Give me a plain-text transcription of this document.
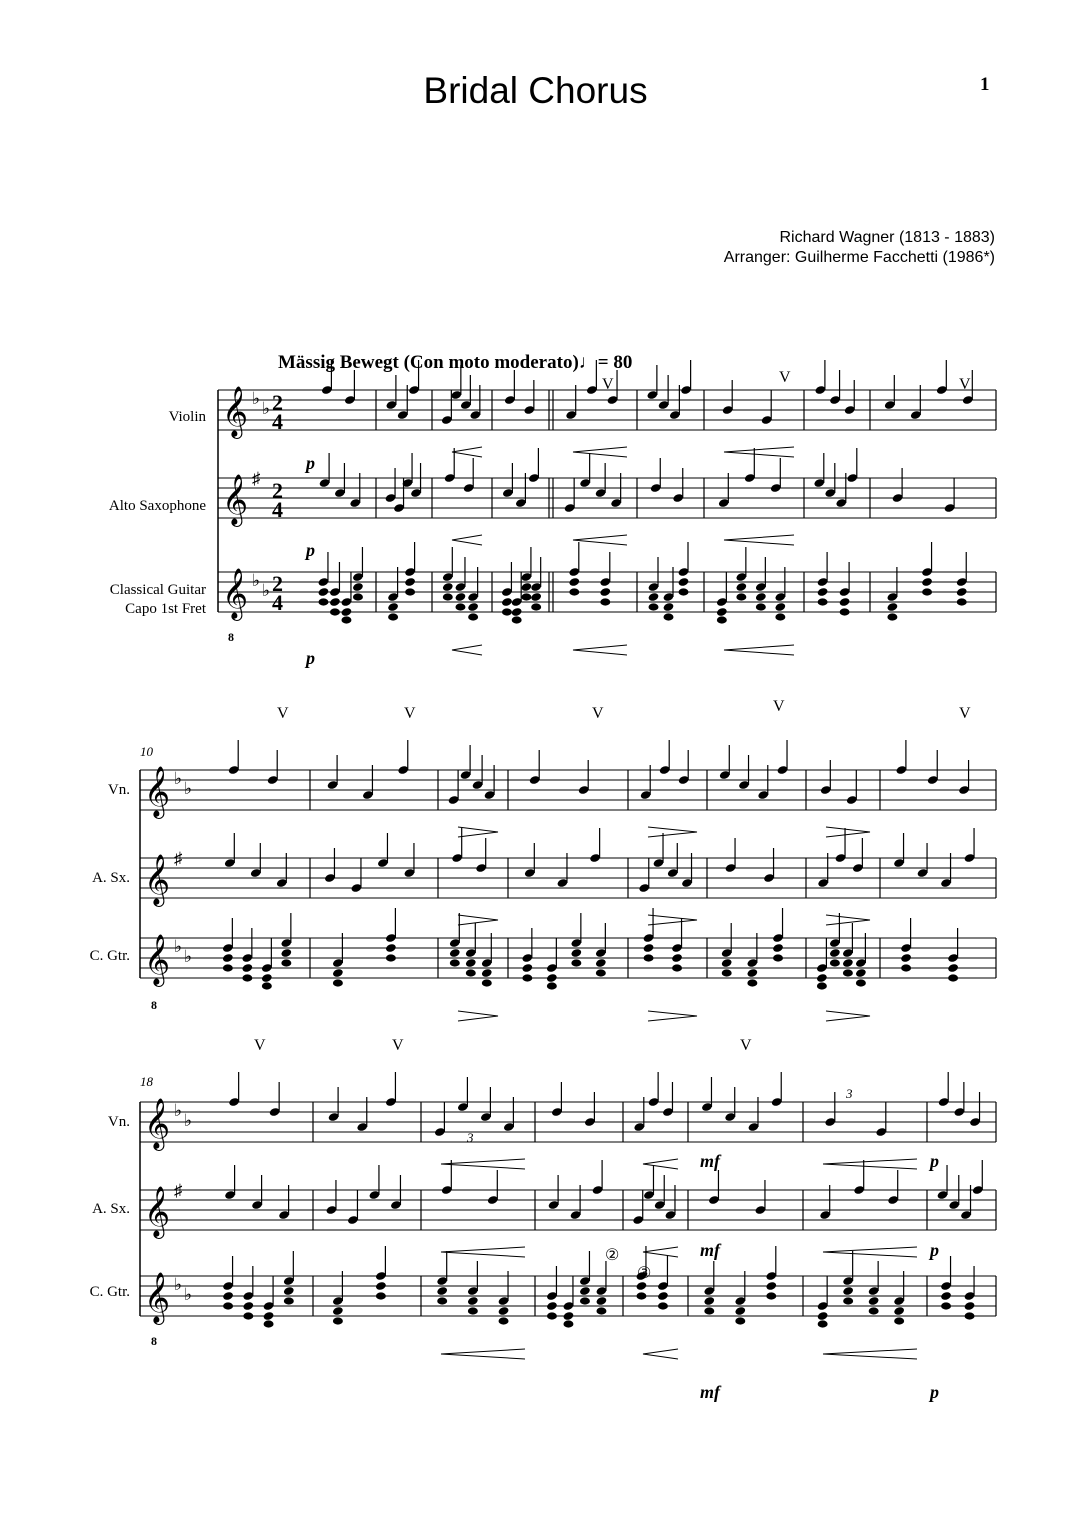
Bridal Chorus	1
Richard Wagner (1813 - 1883)
Arranger: Guilherme Facchetti (1986*)
Mässig Bewegt (Con moto moderato)♩= 80
𝄞 ♭
♭
𝄞 ♯
𝄞 ♭
♭
𝄞 ♭
♭
𝄞 ♯
𝄞 ♭
♭
𝄞 ♭
♭
𝄞 ♯
𝄞 ♭
♭
Violin
Alto Saxophone
Classical Guitar
Capo 1st Fret
Vn.
A. Sx.
C. Gtr.
Vn.
A. Sx.
C. Gtr.
10
18
2
4
2
4
2
4
8
8
8
p
p
p
mf
mf
mf
p
p
p
3
3
②
③
V	V	V
V	V	V	V	V
V	V	V
